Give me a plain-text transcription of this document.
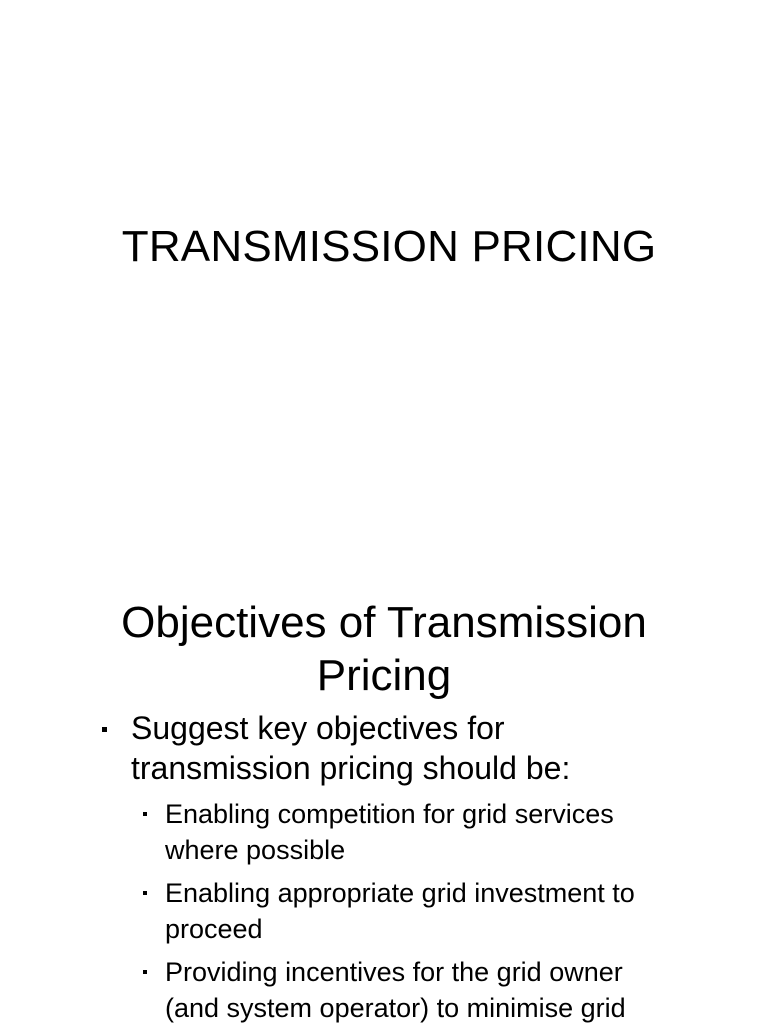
TRANSMISSION PRICING
Objectives of Transmission
Pricing
Suggest key objectives for
transmission pricing should be:
Enabling competition for grid services
where possible
Enabling appropriate grid investment to
proceed
Providing incentives for the grid owner
(and system operator) to minimise grid
